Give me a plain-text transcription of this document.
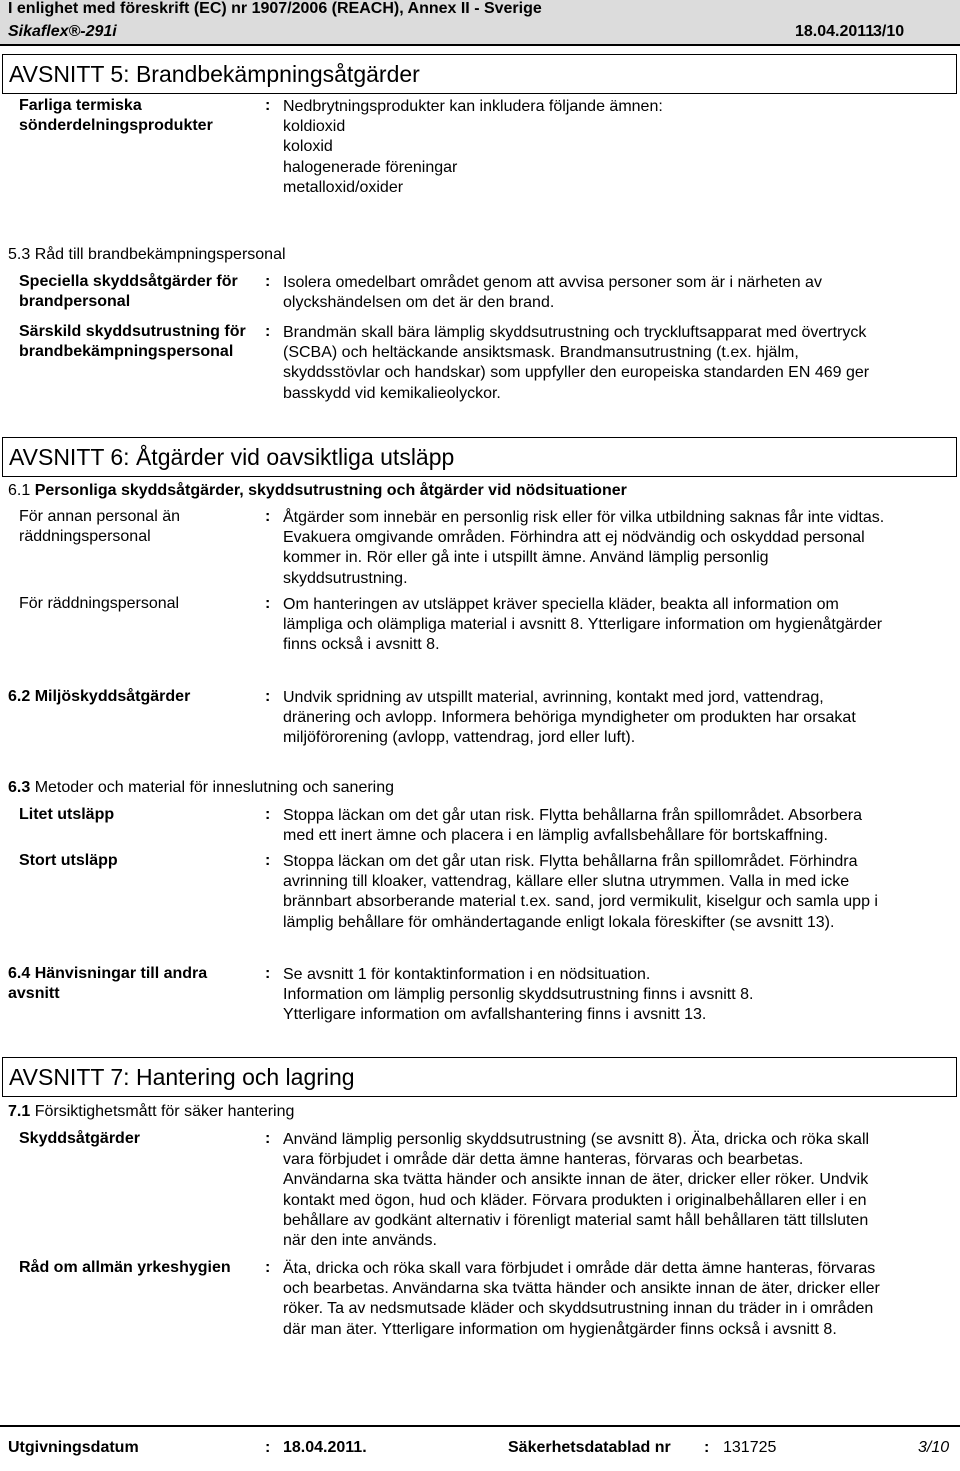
I enlighet med föreskrift (EC) nr 1907/2006 (REACH), Annex II - Sverige
Sikaflex®-291i	18.04.2011
3/10
AVSNITT 5: Brandbekämpningsåtgärder
Farliga termiska sönderdelningsprodukter
: Nedbrytningsprodukter kan inkludera följande ämnen:
koldioxid
koloxid
halogenerade föreningar
metalloxid/oxider
5.3 Råd till brandbekämpningspersonal
Speciella skyddsåtgärder för brandpersonal
: Isolera omedelbart området genom att avvisa personer som är i närheten av
olyckshändelsen om det är den brand.
Särskild skyddsutrustning för brandbekämpningspersonal
: Brandmän skall bära lämplig skyddsutrustning och tryckluftsapparat med övertryck
(SCBA) och heltäckande ansiktsmask. Brandmansutrustning (t.ex. hjälm,
skyddsstövlar och handskar) som uppfyller den europeiska standarden EN 469 ger
basskydd vid kemikalieolyckor.
AVSNITT 6: Åtgärder vid oavsiktliga utsläpp
6.1 Personliga skyddsåtgärder, skyddsutrustning och åtgärder vid nödsituationer
För annan personal än räddningspersonal
: Åtgärder som innebär en personlig risk eller för vilka utbildning saknas får inte vidtas.
Evakuera omgivande områden. Förhindra att ej nödvändig och oskyddad personal
kommer in. Rör eller gå inte i utspillt ämne. Använd lämplig personlig
skyddsutrustning.
För räddningspersonal	: Om hanteringen av utsläppet kräver speciella kläder, beakta all information om
lämpliga och olämpliga material i avsnitt 8. Ytterligare information om hygienåtgärder
finns också i avsnitt 8.
6.2 Miljöskyddsåtgärder	: Undvik spridning av utspillt material, avrinning, kontakt med jord, vattendrag,
dränering och avlopp. Informera behöriga myndigheter om produkten har orsakat
miljöförorening (avlopp, vattendrag, jord eller luft).
6.3 Metoder och material för inneslutning och sanering
Litet utsläpp	: Stoppa läckan om det går utan risk. Flytta behållarna från spillområdet. Absorbera
med ett inert ämne och placera i en lämplig avfallsbehållare för bortskaffning.
Stort utsläpp	: Stoppa läckan om det går utan risk. Flytta behållarna från spillområdet. Förhindra
avrinning till kloaker, vattendrag, källare eller slutna utrymmen. Valla in med icke
brännbart absorberande material t.ex. sand, jord vermikulit, kiselgur och samla upp i
lämplig behållare för omhändertagande enligt lokala föreskifter (se avsnitt 13).
6.4 Hänvisningar till andra avsnitt
: Se avsnitt 1 för kontaktinformation i en nödsituation.
Information om lämplig personlig skyddsutrustning finns i avsnitt 8.
Ytterligare information om avfallshantering finns i avsnitt 13.
AVSNITT 7: Hantering och lagring
7.1 Försiktighetsmått för säker hantering
Skyddsåtgärder	: Använd lämplig personlig skyddsutrustning (se avsnitt 8). Äta, dricka och röka skall
vara förbjudet i område där detta ämne hanteras, förvaras och bearbetas.
Användarna ska tvätta händer och ansikte innan de äter, dricker eller röker. Undvik
kontakt med ögon, hud och kläder. Förvara produkten i originalbehållaren eller i en
behållare av godkänt alternativ i förenligt material samt håll behållaren tätt tillsluten
när den inte används.
Råd om allmän yrkeshygien : Äta, dricka och röka skall vara förbjudet i område där detta ämne hanteras, förvaras
och bearbetas. Användarna ska tvätta händer och ansikte innan de äter, dricker eller
röker. Ta av nedsmutsade kläder och skyddsutrustning innan du träder in i områden
där man äter. Ytterligare information om hygienåtgärder finns också i avsnitt 8.
Utgivningsdatum	: 18.04.2011.	Säkerhetsdatablad nr : 131725	3/10
